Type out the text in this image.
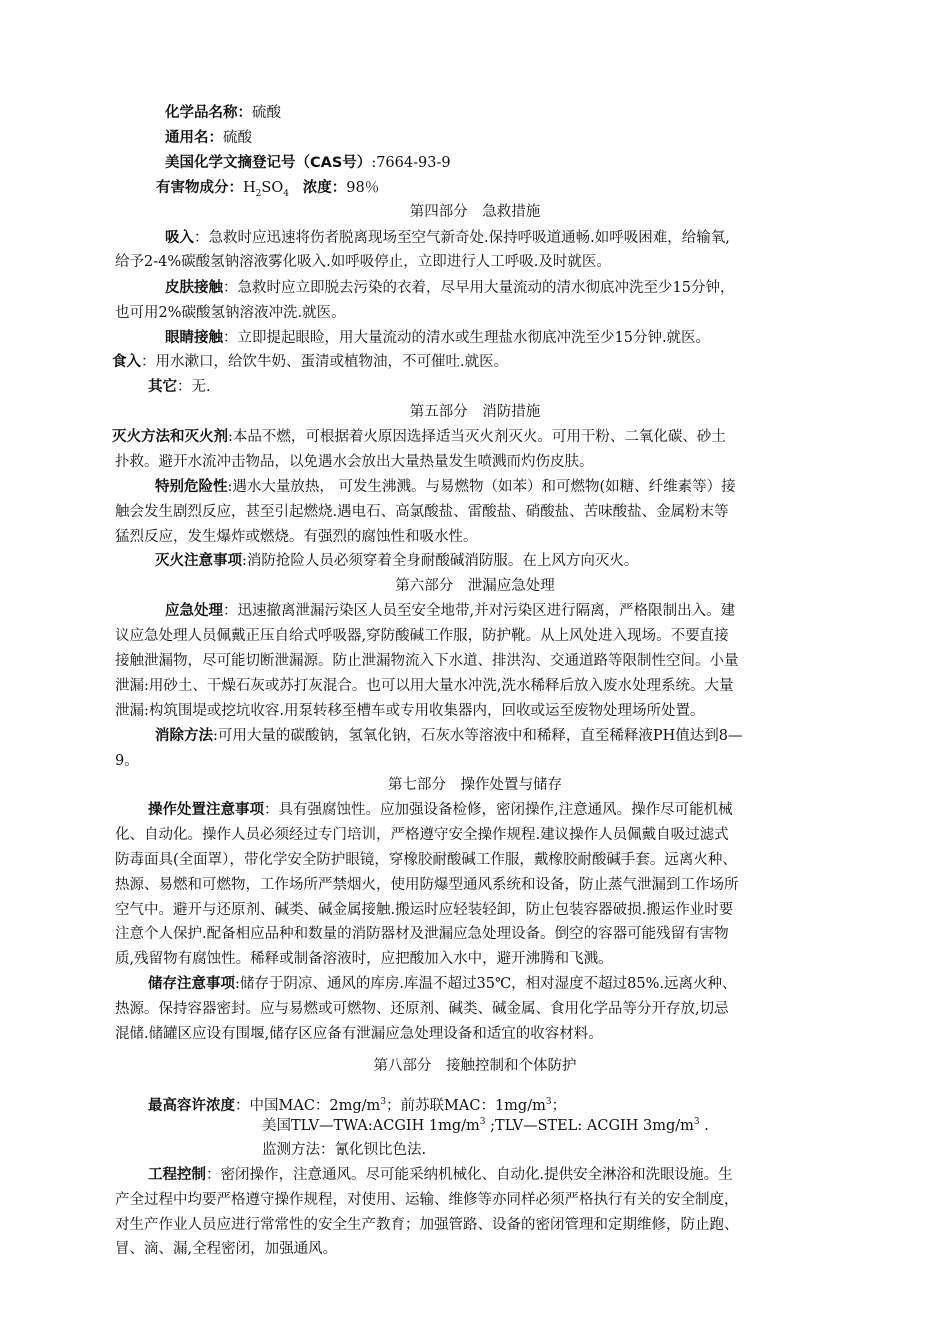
化学品名称：硫酸
通用名：硫酸
美国化学文摘登记号（CAS号）:7664-93-9
有害物成分：$H_2SO_4$ 浓度：98％
第四部分　急救措施
吸入：急救时应迅速将伤者脱离现场至空气新奇处.保持呼吸道通畅.如呼吸困难，给输氧,
给予2-4%碳酸氢钠溶液雾化吸入.如呼吸停止，立即进行人工呼吸.及时就医。
皮肤接触：急救时应立即脱去污染的衣着，尽早用大量流动的清水彻底冲洗至少15分钟，
也可用2%碳酸氢钠溶液冲洗.就医。
眼睛接触：立即提起眼睑，用大量流动的清水或生理盐水彻底冲洗至少15分钟.就医。
食入：用水漱口，给饮牛奶、蛋清或植物油，不可催吐.就医。
其它：无.
第五部分　消防措施
灭火方法和灭火剂:本品不燃，可根据着火原因选择适当灭火剂灭火。可用干粉、二氧化碳、砂土
扑救。避开水流冲击物品，以免遇水会放出大量热量发生喷溅而灼伤皮肤。
特别危险性:遇水大量放热， 可发生沸溅。与易燃物（如苯）和可燃物(如糖、纤维素等）接
触会发生剧烈反应，甚至引起燃烧.遇电石、高氯酸盐、雷酸盐、硝酸盐、苦味酸盐、金属粉末等
猛烈反应，发生爆炸或燃烧。有强烈的腐蚀性和吸水性。
灭火注意事项:消防抢险人员必须穿着全身耐酸碱消防服。在上风方向灭火。
第六部分　泄漏应急处理
应急处理：迅速撤离泄漏污染区人员至安全地带,并对污染区进行隔离，严格限制出入。建
议应急处理人员佩戴正压自给式呼吸器,穿防酸碱工作服，防护靴。从上风处进入现场。不要直接
接触泄漏物，尽可能切断泄漏源。防止泄漏物流入下水道、排洪沟、交通道路等限制性空间。小量
泄漏:用砂土、干燥石灰或苏打灰混合。也可以用大量水冲洗,洗水稀释后放入废水处理系统。大量
泄漏:构筑围堤或挖坑收容.用泵转移至槽车或专用收集器内，回收或运至废物处理场所处置。
消除方法:可用大量的碳酸钠，氢氧化钠，石灰水等溶液中和稀释，直至稀释液PH值达到8—
9。
第七部分　操作处置与储存
操作处置注意事项：具有强腐蚀性。应加强设备检修，密闭操作,注意通风。操作尽可能机械
化、自动化。操作人员必须经过专门培训，严格遵守安全操作规程.建议操作人员佩戴自吸过滤式
防毒面具(全面罩），带化学安全防护眼镜，穿橡胶耐酸碱工作服，戴橡胶耐酸碱手套。远离火种、
热源、易燃和可燃物，工作场所严禁烟火，使用防爆型通风系统和设备，防止蒸气泄漏到工作场所
空气中。避开与还原剂、碱类、碱金属接触.搬运时应轻装轻卸，防止包装容器破损.搬运作业时要
注意个人保护.配备相应品种和数量的消防器材及泄漏应急处理设备。倒空的容器可能残留有害物
质,残留物有腐蚀性。稀释或制备溶液时，应把酸加入水中，避开沸腾和飞溅。
储存注意事项:储存于阴凉、通风的库房.库温不超过35℃，相对湿度不超过85%.远离火种、
热源。保持容器密封。应与易燃或可燃物、还原剂、碱类、碱金属、食用化学品等分开存放,切忌
混储.储罐区应设有围堰,储存区应备有泄漏应急处理设备和适宜的收容材料。
第八部分　接触控制和个体防护
最高容许浓度：中国MAC：$2mg/m^3$；前苏联MAC：$1mg/m^3$；
美国TLV—TWA:ACGIH $1mg/m^3$ ;TLV—STEL: ACGIH $3mg/m^3$ .
监测方法：氰化钡比色法.
工程控制：密闭操作，注意通风。尽可能采纳机械化、自动化.提供安全淋浴和洗眼设施。生
产全过程中均要严格遵守操作规程，对使用、运输、维修等亦同样必须严格执行有关的安全制度，
对生产作业人员应进行常常性的安全生产教育；加强管路、设备的密闭管理和定期维修，防止跑、
冒、滴、漏,全程密闭，加强通风。
